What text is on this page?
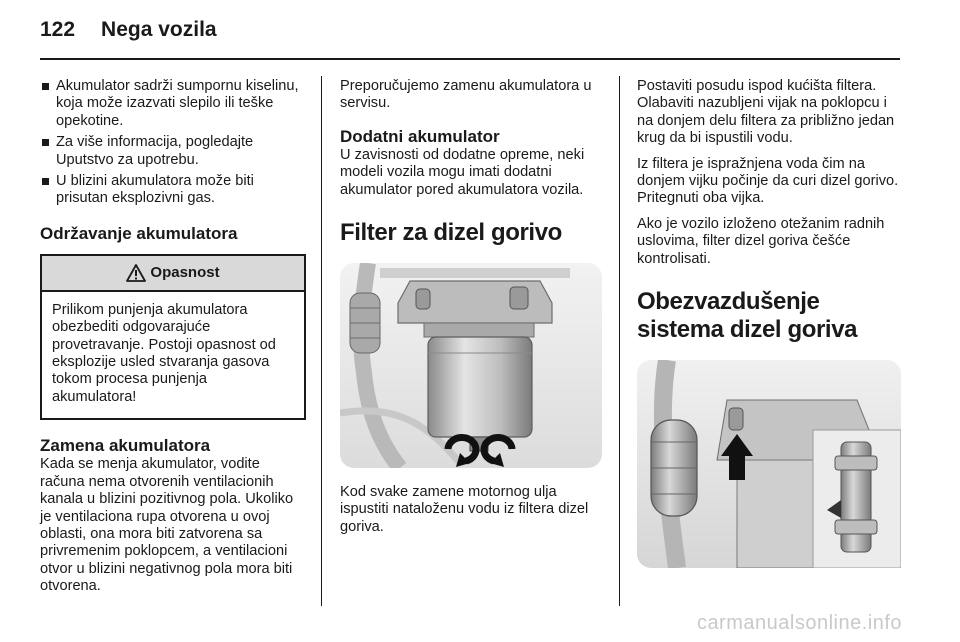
122 Nega vozila
Akumulator sadrži sumpornu kiselinu, koja može izazvati slepilo ili teške opekotine.
Za više informacija, pogledajte Uputstvo za upotrebu.
U blizini akumulatora može biti prisutan eksplozivni gas.
Održavanje akumulatora
Opasnost
Prilikom punjenja akumulatora obezbediti odgovarajuće provetravanje. Postoji opasnost od eksplozije usled stvaranja gasova tokom procesa punjenja akumulatora!
Zamena akumulatora

Kada se menja akumulator, vodite računa nema otvorenih ventilacionih kanala u blizini pozitivnog pola. Ukoliko je ventilaciona rupa otvorena u ovoj oblasti, ona mora biti zatvorena sa privremenim poklopcem, a ventilacioni otvor u blizini negativnog pola mora biti otvorena.

Preporučujemo zamenu akumulatora u servisu.

Dodatni akumulator

U zavisnosti od dodatne opreme, neki modeli vozila mogu imati dodatni akumulator pored akumulatora vozila.

Filter za dizel gorivo

Kod svake zamene motornog ulja ispustiti nataloženu vodu iz filtera dizel goriva.

Postaviti posudu ispod kućišta filtera. Olabaviti nazubljeni vijak na poklopcu i na donjem delu filtera za približno jedan krug da bi ispustili vodu.

Iz filtera je ispražnjena voda čim na donjem vijku počinje da curi dizel gorivo. Pritegnuti oba vijka.

Ako je vozilo izloženo otežanim radnih uslovima, filter dizel goriva češće kontrolisati.

Obezvazdušenje sistema dizel goriva
carmanualsonline.info
